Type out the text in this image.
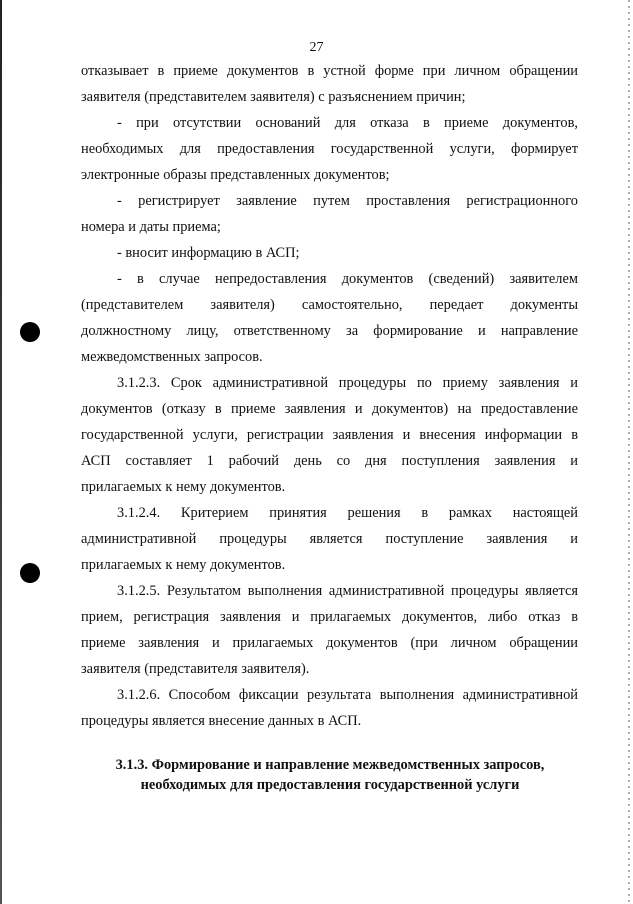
27
отказывает в приеме документов в устной форме при личном обращении
заявителя (представителем заявителя) с разъяснением причин;
- при отсутствии оснований для отказа в приеме документов,
необходимых для предоставления государственной услуги, формирует
электронные образы представленных документов;
- регистрирует заявление путем проставления регистрационного
номера и даты приема;
- вносит информацию в АСП;
- в случае непредоставления документов (сведений) заявителем
(представителем заявителя) самостоятельно, передает документы
должностному лицу, ответственному за формирование и направление
межведомственных запросов.
3.1.2.3. Срок административной процедуры по приему заявления и
документов (отказу в приеме заявления и документов) на предоставление
государственной услуги, регистрации заявления и внесения информации в
АСП составляет 1 рабочий день со дня поступления заявления и
прилагаемых к нему документов.
3.1.2.4. Критерием принятия решения в рамках настоящей
административной процедуры является поступление заявления и
прилагаемых к нему документов.
3.1.2.5. Результатом выполнения административной процедуры является
прием, регистрация заявления и прилагаемых документов, либо отказ в
приеме заявления и прилагаемых документов (при личном обращении
заявителя (представителя заявителя).
3.1.2.6. Способом фиксации результата выполнения административной
процедуры является внесение данных в АСП.
3.1.3. Формирование и направление межведомственных запросов,
необходимых для предоставления государственной услуги
